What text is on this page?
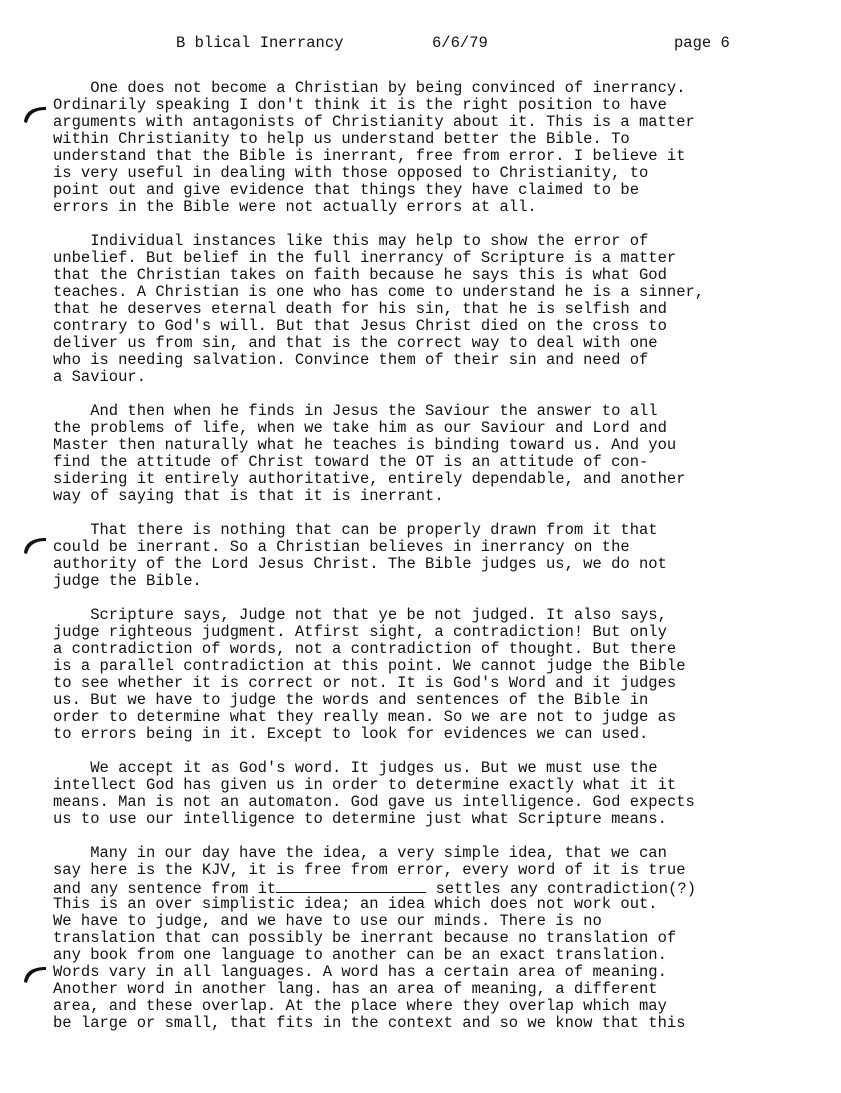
B blical Inerrancy	6/6/79	page 6
One does not become a Christian by being convinced of inerrancy.
Ordinarily speaking I don't think it is the right position to have
arguments with antagonists of Christianity about it. This is a matter
within Christianity to help us understand better the Bible. To
understand that the Bible is inerrant, free from error. I believe it
is very useful in dealing with those opposed to Christianity, to
point out and give evidence that things they have claimed to be
errors in the Bible were not actually errors at all.
Individual instances like this may help to show the error of
unbelief. But belief in the full inerrancy of Scripture is a matter
that the Christian takes on faith because he says this is what God
teaches. A Christian is one who has come to understand he is a sinner,
that he deserves eternal death for his sin, that he is selfish and
contrary to God's will. But that Jesus Christ died on the cross to
deliver us from sin, and that is the correct way to deal with one
who is needing salvation. Convince them of their sin and need of
a Saviour.
And then when he finds in Jesus the Saviour the answer to all
the problems of life, when we take him as our Saviour and Lord and
Master then naturally what he teaches is binding toward us. And you
find the attitude of Christ toward the OT is an attitude of con-
sidering it entirely authoritative, entirely dependable, and another
way of saying that is that it is inerrant.
That there is nothing that can be properly drawn from it that
could be inerrant. So a Christian believes in inerrancy on the
authority of the Lord Jesus Christ. The Bible judges us, we do not
judge the Bible.
Scripture says, Judge not that ye be not judged. It also says,
judge righteous judgment. Atfirst sight, a contradiction! But only
a contradiction of words, not a contradiction of thought. But there
is a parallel contradiction at this point. We cannot judge the Bible
to see whether it is correct or not. It is God's Word and it judges
us. But we have to judge the words and sentences of the Bible in
order to determine what they really mean. So we are not to judge as
to errors being in it. Except to look for evidences we can used.
We accept it as God's word. It judges us. But we must use the
intellect God has given us in order to determine exactly what it it
means. Man is not an automaton. God gave us intelligence. God expects
us to use our intelligence to determine just what Scripture means.
Many in our day have the idea, a very simple idea, that we can
say here is the KJV, it is free from error, every word of it is true
and any sentence from it	settles any contradiction(?)
This is an over simplistic idea; an idea which does not work out.
We have to judge, and we have to use our minds. There is no
translation that can possibly be inerrant because no translation of
any book from one language to another can be an exact translation.
Words vary in all languages. A word has a certain area of meaning.
Another word in another lang. has an area of meaning, a different
area, and these overlap. At the place where they overlap which may
be large or small, that fits in the context and so we know that this
